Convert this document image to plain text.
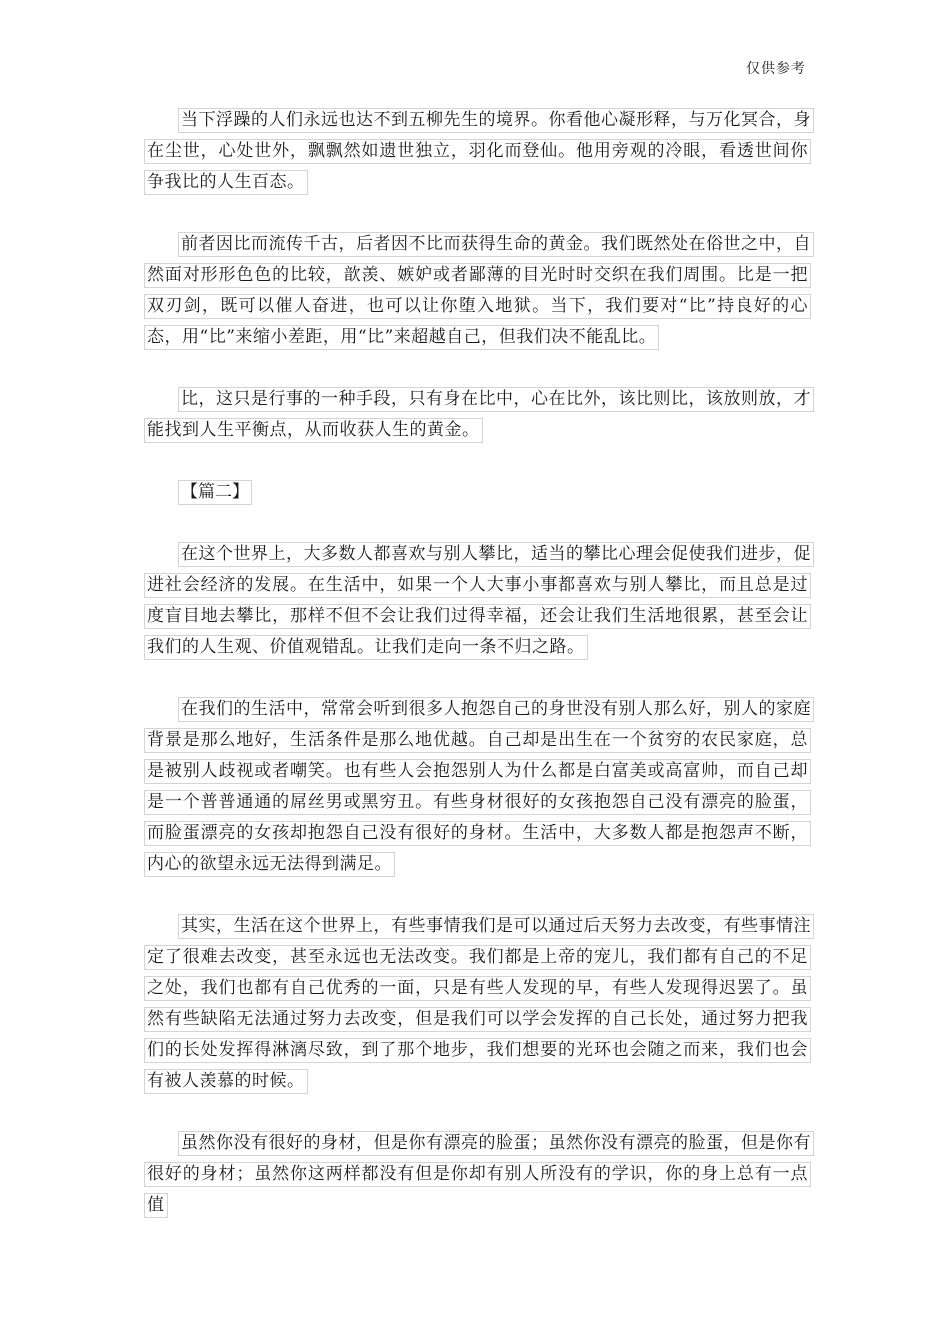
仅供参考

当下浮躁的人们永远也达不到五柳先生的境界。你看他心凝形释，与万化冥合，身在尘世，心处世外，飘飘然如遗世独立，羽化而登仙。他用旁观的冷眼，看透世间你争我比的人生百态。

前者因比而流传千古，后者因不比而获得生命的黄金。我们既然处在俗世之中，自然面对形形色色的比较，歆羡、嫉妒或者鄙薄的目光时时交织在我们周围。比是一把双刃剑，既可以催人奋进，也可以让你堕入地狱。当下，我们要对“比”持良好的心态，用“比”来缩小差距，用“比”来超越自己，但我们决不能乱比。

比，这只是行事的一种手段，只有身在比中，心在比外，该比则比，该放则放，才能找到人生平衡点，从而收获人生的黄金。

【篇二】

在这个世界上，大多数人都喜欢与别人攀比，适当的攀比心理会促使我们进步，促进社会经济的发展。在生活中，如果一个人大事小事都喜欢与别人攀比，而且总是过度盲目地去攀比，那样不但不会让我们过得幸福，还会让我们生活地很累，甚至会让我们的人生观、价值观错乱。让我们走向一条不归之路。

在我们的生活中，常常会听到很多人抱怨自己的身世没有别人那么好，别人的家庭背景是那么地好，生活条件是那么地优越。自己却是出生在一个贫穷的农民家庭，总是被别人歧视或者嘲笑。也有些人会抱怨别人为什么都是白富美或高富帅，而自己却是一个普普通通的屌丝男或黑穷丑。有些身材很好的女孩抱怨自己没有漂亮的脸蛋，而脸蛋漂亮的女孩却抱怨自己没有很好的身材。生活中，大多数人都是抱怨声不断，内心的欲望永远无法得到满足。

其实，生活在这个世界上，有些事情我们是可以通过后天努力去改变，有些事情注定了很难去改变，甚至永远也无法改变。我们都是上帝的宠儿，我们都有自己的不足之处，我们也都有自己优秀的一面，只是有些人发现的早，有些人发现得迟罢了。虽然有些缺陷无法通过努力去改变，但是我们可以学会发挥的自己长处，通过努力把我们的长处发挥得淋漓尽致，到了那个地步，我们想要的光环也会随之而来，我们也会有被人羡慕的时候。

虽然你没有很好的身材，但是你有漂亮的脸蛋；虽然你没有漂亮的脸蛋，但是你有很好的身材；虽然你这两样都没有但是你却有别人所没有的学识，你的身上总有一点值
